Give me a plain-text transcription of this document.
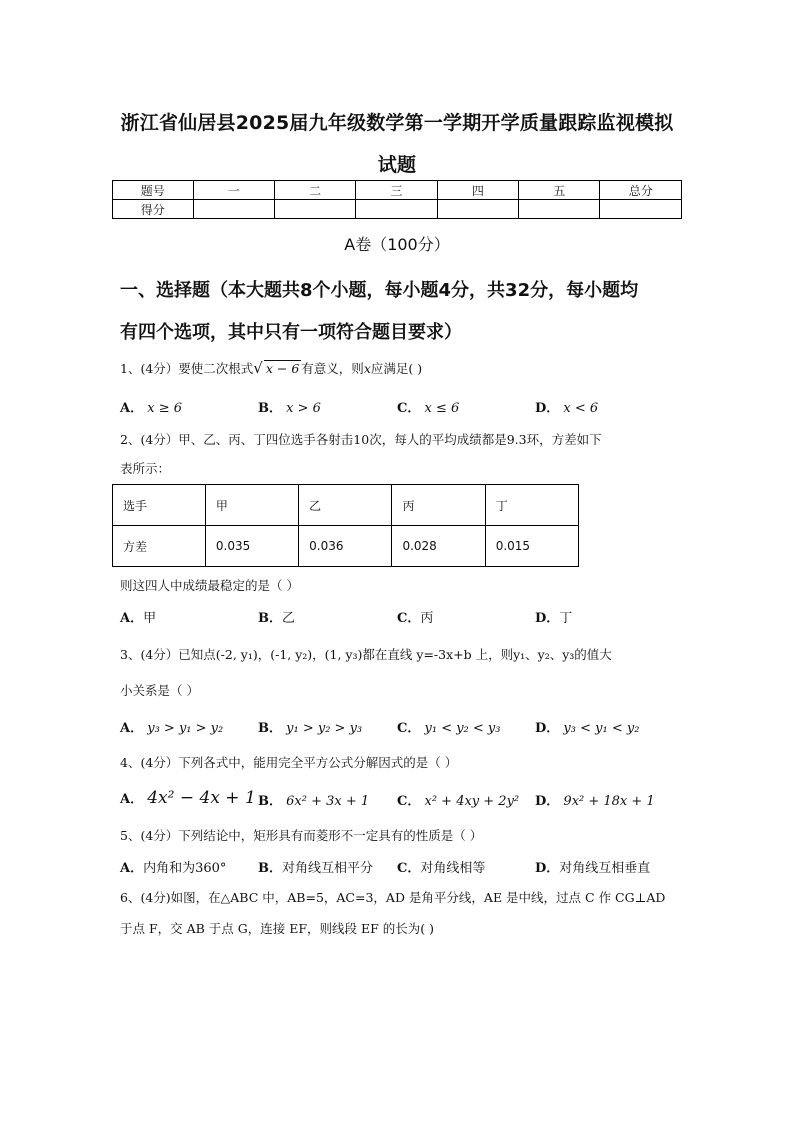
浙江省仙居县2025届九年级数学第一学期开学质量跟踪监视模拟
试题
题号	一	二	三	四	五	总分
得分						
A卷（100分）
一、选择题（本大题共8个小题，每小题4分，共32分，每小题均
有四个选项，其中只有一项符合题目要求）
1、(4分）要使二次根式√ x − 6 有意义，则x应满足( )
A． x ≥ 6	B． x > 6	C． x ≤ 6	D． x < 6
2、(4分）甲、乙、丙、丁四位选手各射击10次，每人的平均成绩都是9.3环，方差如下
表所示：
选手	甲	乙	丙	丁
方差	0.035	0.036	0.028	0.015
则这四人中成绩最稳定的是（ ）
A．甲	B．乙	C．丙	D．丁
3、(4分）已知点(-2, y₁)，(-1, y₂)，(1, y₃)都在直线 y=-3x+b 上，则y₁、y₂、y₃的值大
小关系是（ ）
A． y₃ > y₁ > y₂	B． y₁ > y₂ > y₃	C． y₁ < y₂ < y₃	D． y₃ < y₁ < y₂
4、(4分）下列各式中，能用完全平方公式分解因式的是（ ）
A． 4x² − 4x + 1 B． 6x² + 3x + 1 C． x² + 4xy + 2y² D． 9x² + 18x + 1
5、(4分）下列结论中，矩形具有而菱形不一定具有的性质是（ ）
A．内角和为360° B．对角线互相平分 C．对角线相等	D．对角线互相垂直
6、(4分)如图，在△ABC 中，AB=5，AC=3，AD 是角平分线，AE 是中线，过点 C 作 CG⊥AD
于点 F，交 AB 于点 G，连接 EF，则线段 EF 的长为( )
